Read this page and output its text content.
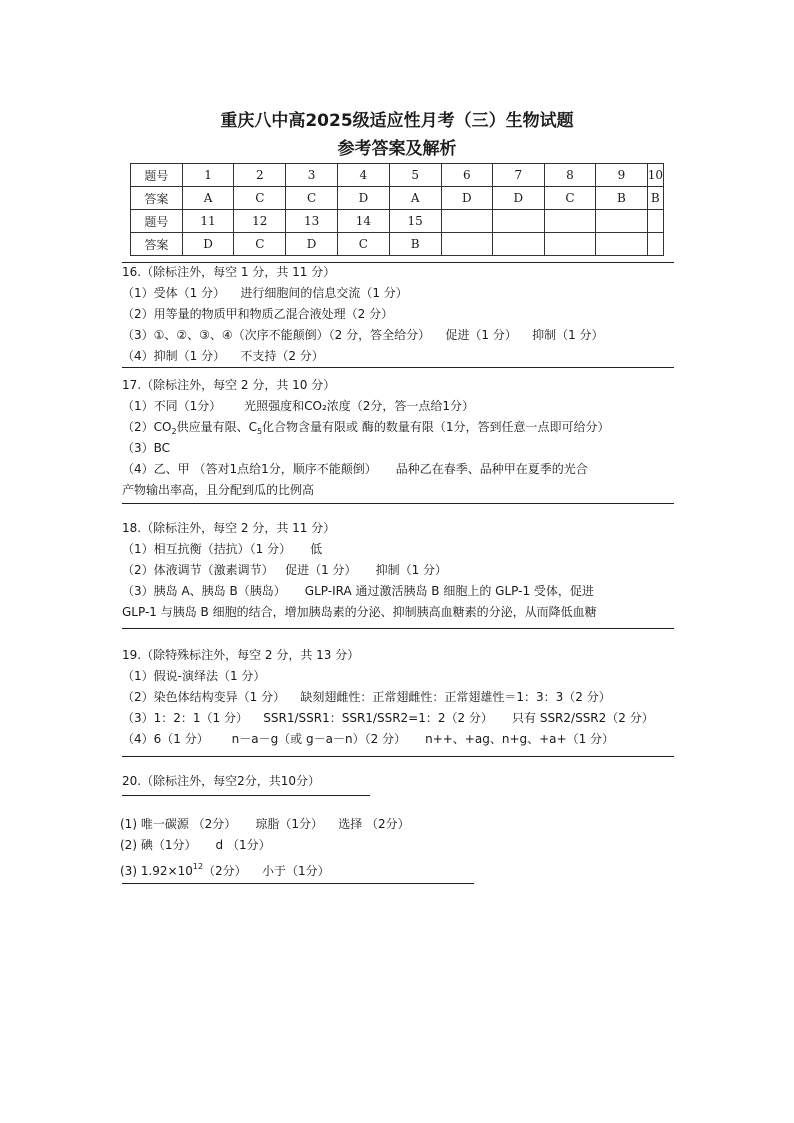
重庆八中高2025级适应性月考（三）生物试题
参考答案及解析
题号	1	2	3	4	5	6	7	8	9	10
答案	A	C	C	D	A	D	D	C	B	B
题号	11	12	13	14	15					
答案	D	C	D	C	B					
16.（除标注外，每空 1 分，共 11 分）
（1）受体（1 分）    进行细胞间的信息交流（1 分）
（2）用等量的物质甲和物质乙混合液处理（2 分）
（3）①、②、③、④（次序不能颠倒）（2 分，答全给分）    促进（1 分）    抑制（1 分）
（4）抑制（1 分）    不支持（2 分）
17.（除标注外，每空 2 分，共 10 分）
（1）不同（1分）      光照强度和CO₂浓度（2分，答一点给1分）
$(2)CO_2$供应量有限、$C_5$化合物含量有限或 酶的数量有限（1分，答到任意一点即可给分）
（3）BC
（4）乙、甲 （答对1点给1分，顺序不能颠倒）     品种乙在春季、品种甲在夏季的光合
产物输出率高，且分配到瓜的比例高
18.（除标注外，每空 2 分，共 11 分）
（1）相互抗衡（拮抗）（1 分）     低
（2）体液调节（激素调节）   促进（1 分）     抑制（1 分）
（3）胰岛 A、胰岛 B（胰岛）     GLP-IRA 通过激活胰岛 B 细胞上的 GLP-1 受体，促进
GLP-1 与胰岛 B 细胞的结合，增加胰岛素的分泌、抑制胰高血糖素的分泌，从而降低血糖
19.（除特殊标注外，每空 2 分，共 13 分）
（1）假说-演绎法（1 分）
（2）染色体结构变异（1 分）    缺刻翅雌性：正常翅雌性：正常翅雄性＝1：3：3（2 分）
（3）1：2：1（1 分）    SSR1/SSR1：SSR1/SSR2=1：2（2 分）     只有 SSR2/SSR2（2 分）
（4）6（1 分）      n－a－g（或 g－a－n）（2 分）     n++、+ag、n+g、+a+（1 分）
20.（除标注外，每空2分，共10分）
(1) 唯一碳源 （2分）     琼脂（1分）    选择 （2分）
(2) 碘（1分）     d （1分）
(3) $1.92\times 10^{12}(2$分）    小于（1分）
